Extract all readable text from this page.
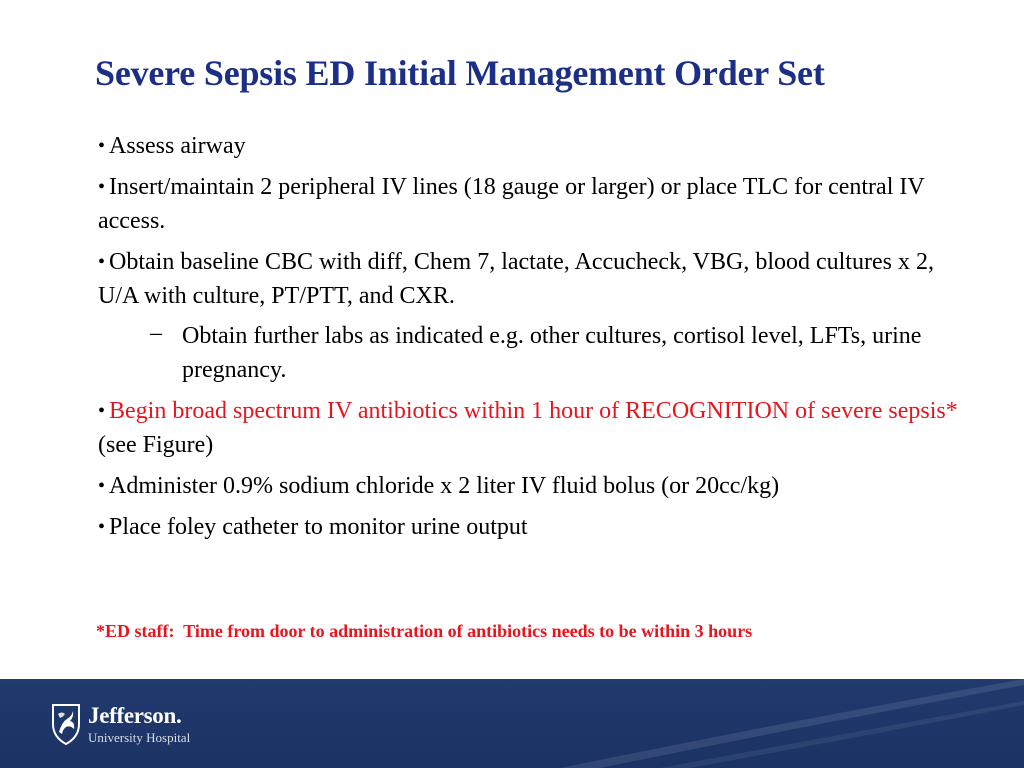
Severe Sepsis ED Initial Management Order Set
• Assess airway
• Insert/maintain 2 peripheral IV lines (18 gauge or larger) or place TLC for central IV access.
• Obtain baseline CBC with diff, Chem 7, lactate, Accucheck, VBG, blood cultures x 2, U/A with culture, PT/PTT, and CXR.
– Obtain further labs as indicated e.g. other cultures, cortisol level, LFTs, urine pregnancy.
• Begin broad spectrum IV antibiotics within 1 hour of RECOGNITION of severe sepsis* (see Figure)
• Administer 0.9% sodium chloride x 2 liter IV fluid bolus (or 20cc/kg)
• Place foley catheter to monitor urine output

*ED staff:  Time from door to administration of antibiotics needs to be within 3 hours

Jefferson.
University Hospital
